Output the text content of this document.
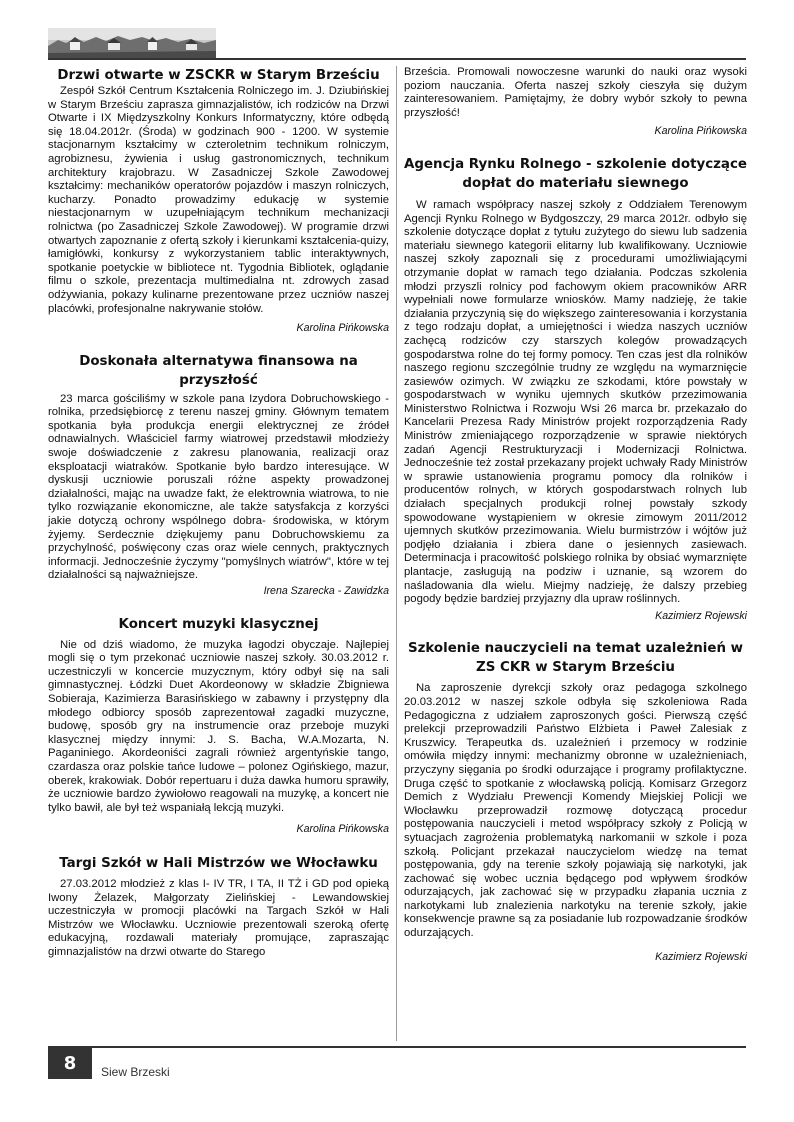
Drzwi otwarte w ZSCKR w Starym Brześciu

Zespół Szkół Centrum Kształcenia Rolniczego im. J. Dziubińskiej w Starym Brześciu zaprasza gimnazjalistów, ich rodziców na Drzwi Otwarte i IX Międzyszkolny Konkurs Informatyczny, które odbędą się 18.04.2012r. (Środa) w godzinach 900 - 1200. W systemie stacjonarnym kształcimy w czteroletnim technikum rolniczym, agrobiznesu, żywienia i usług gastronomicznych, technikum architektury krajobrazu. W Zasadniczej Szkole Zawodowej kształcimy: mechaników operatorów pojazdów i maszyn rolniczych, kucharzy. Ponadto prowadzimy edukację w systemie niestacjonarnym w uzupełniającym technikum mechanizacji rolnictwa (po Zasadniczej Szkole Zawodowej). W programie drzwi otwartych zapoznanie z ofertą szkoły i kierunkami kształcenia-quizy, łamigłówki, konkursy z wykorzystaniem tablic interaktywnych, spotkanie poetyckie w bibliotece nt. Tygodnia Bibliotek, oglądanie filmu o szkole, prezentacja multimedialna nt. zdrowych zasad odżywiania, pokazy kulinarne prezentowane przez uczniów naszej placówki, profesjonalne nakrywanie stołów.

Karolina Pińkowska

Doskonała alternatywa finansowa na przyszłość

23 marca gościliśmy w szkole pana Izydora Dobruchowskiego - rolnika, przedsiębiorcę z terenu naszej gminy. Głównym tematem spotkania była produkcja energii elektrycznej ze źródeł odnawialnych. Właściciel farmy wiatrowej przedstawił młodzieży swoje doświadczenie z zakresu planowania, realizacji oraz eksploatacji wiatraków. Spotkanie było bardzo interesujące. W dyskusji uczniowie poruszali różne aspekty prowadzonej działalności, mając na uwadze fakt, że elektrownia wiatrowa, to nie tylko rozwiązanie ekonomiczne, ale także satysfakcja z korzyści jakie dotyczą ochrony wspólnego dobra- środowiska, w którym żyjemy. Serdecznie dziękujemy panu Dobruchowskiemu za przychylność, poświęcony czas oraz wiele cennych, praktycznych informacji. Jednocześnie życzymy "pomyślnych wiatrów", które w tej działalności są najważniejsze.

Irena Szarecka - Zawidzka

Koncert muzyki klasycznej

Nie od dziś wiadomo, że muzyka łagodzi obyczaje. Najlepiej mogli się o tym przekonać uczniowie naszej szkoły. 30.03.2012 r. uczestniczyli w koncercie muzycznym, który odbył się na sali gimnastycznej. Łódzki Duet Akordeonowy w składzie Zbigniewa Sobieraja, Kazimierza Barasińskiego w zabawny i przystępny dla młodego odbiorcy sposób zaprezentował zagadki muzyczne, budowę, sposób gry na instrumencie oraz przeboje muzyki klasycznej między innymi: J. S. Bacha, W.A.Mozarta, N. Paganiniego. Akordeoniści zagrali również argentyńskie tango, czardasza oraz polskie tańce ludowe – polonez Ogińskiego, mazur, oberek, krakowiak. Dobór repertuaru i duża dawka humoru sprawiły, że uczniowie bardzo żywiołowo reagowali na muzykę, a koncert nie tylko bawił, ale był też wspaniałą lekcją muzyki.

Karolina Pińkowska

Targi Szkół w Hali Mistrzów we Włocławku

27.03.2012 młodzież z klas I- IV TR, I TA, II TŻ i GD pod opieką Iwony Żelazek, Małgorzaty Zielińskiej - Lewandowskiej uczestniczyła w promocji placówki na Targach Szkół w Hali Mistrzów we Włocławku. Uczniowie prezentowali szeroką ofertę edukacyjną, rozdawali materiały promujące, zapraszając gimnazjalistów na drzwi otwarte do Starego

Brześcia. Promowali nowoczesne warunki do nauki oraz wysoki poziom nauczania. Oferta naszej szkoły cieszyła się dużym zainteresowaniem. Pamiętajmy, że dobry wybór szkoły to pewna przyszłość!

Karolina Pińkowska

Agencja Rynku Rolnego - szkolenie dotyczące dopłat do materiału siewnego

W ramach współpracy naszej szkoły z Oddziałem Terenowym Agencji Rynku Rolnego w Bydgoszczy, 29 marca 2012r. odbyło się szkolenie dotyczące dopłat z tytułu zużytego do siewu lub sadzenia materiału siewnego kategorii elitarny lub kwalifikowany. Uczniowie naszej szkoły zapoznali się z procedurami umożliwiającymi otrzymanie dopłat w ramach tego działania. Podczas szkolenia młodzi przyszli rolnicy pod fachowym okiem pracowników ARR wypełniali nowe formularze wniosków. Mamy nadzieję, że takie działania przyczynią się do większego zainteresowania i korzystania z tego rodzaju dopłat, a umiejętności i wiedza naszych uczniów zachęcą rodziców czy starszych kolegów prowadzących gospodarstwa rolne do tej formy pomocy. Ten czas jest dla rolników naszego regionu szczególnie trudny ze względu na wymarznięcie zasiewów ozimych. W związku ze szkodami, które powstały w gospodarstwach w wyniku ujemnych skutków przezimowania Ministerstwo Rolnictwa i Rozwoju Wsi 26 marca br. przekazało do Kancelarii Prezesa Rady Ministrów projekt rozporządzenia Rady Ministrów zmieniającego rozporządzenie w sprawie niektórych zadań Agencji Restrukturyzacji i Modernizacji Rolnictwa. Jednocześnie też został przekazany projekt uchwały Rady Ministrów w sprawie ustanowienia programu pomocy dla rolników i producentów rolnych, w których gospodarstwach rolnych lub działach specjalnych produkcji rolnej powstały szkody spowodowane wystąpieniem w okresie zimowym 2011/2012 ujemnych skutków przezimowania. Wielu burmistrzów i wójtów już podjęło działania i zbiera dane o jesiennych zasiewach. Determinacja i pracowitość polskiego rolnika by obsiać wymarznięte plantacje, zasługują na podziw i uznanie, są wzorem do naśladowania dla wielu. Miejmy nadzieję, że dalszy przebieg pogody będzie bardziej przyjazny dla upraw roślinnych.

Kazimierz Rojewski

Szkolenie nauczycieli na temat uzależnień w ZS CKR w Starym Brześciu

Na zaproszenie dyrekcji szkoły oraz pedagoga szkolnego 20.03.2012 w naszej szkole odbyła się szkoleniowa Rada Pedagogiczna z udziałem zaproszonych gości. Pierwszą część prelekcji przeprowadzili Państwo Elżbieta i Paweł Zalesiak z Kruszwicy. Terapeutka ds. uzależnień i przemocy w rodzinie omówiła między innymi: mechanizmy obronne w uzależnieniach, przyczyny sięgania po środki odurzające i programy profilaktyczne. Druga część to spotkanie z włocławską policją. Komisarz Grzegorz Demich z Wydziału Prewencji Komendy Miejskiej Policji we Włocławku przeprowadził rozmowę dotyczącą procedur postępowania nauczycieli i metod współpracy szkoły z Policją w sytuacjach zagrożenia problematyką narkomanii w szkole i poza szkołą. Policjant przekazał nauczycielom wiedzę na temat postępowania, gdy na terenie szkoły pojawiają się narkotyki, jak zachować się wobec ucznia będącego pod wpływem środków odurzających, jak zachować się w przypadku złapania ucznia z narkotykami lub znalezienia narkotyku na terenie szkoły, jakie konsekwencje prawne są za posiadanie lub rozpowadzanie środków odurzających.

Kazimierz Rojewski

8	Siew Brzeski
